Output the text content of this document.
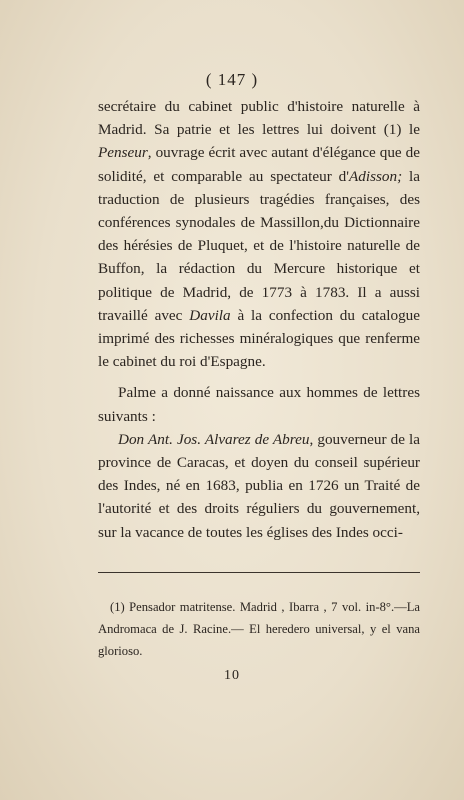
( 147 )

secrétaire du cabinet public d'histoire naturelle à Madrid. Sa patrie et les lettres lui doivent (1) le Penseur, ouvrage écrit avec autant d'élégance que de solidité, et comparable au spectateur d'Adisson; la traduction de plusieurs tragédies françaises, des conférences synodales de Massillon,du Dictionnaire des hérésies de Pluquet, et de l'histoire naturelle de Buffon, la rédaction du Mercure historique et politique de Madrid, de 1773 à 1783. Il a aussi travaillé avec Davila à la confection du catalogue imprimé des richesses minéralogiques que renferme le cabinet du roi d'Espagne.

Palme a donné naissance aux hommes de lettres suivants :

Don Ant. Jos. Alvarez de Abreu, gouverneur de la province de Caracas, et doyen du conseil supérieur des Indes, né en 1683, publia en 1726 un Traité de l'autorité et des droits réguliers du gouvernement, sur la vacance de toutes les églises des Indes occi-

(1) Pensador matritense. Madrid , Ibarra , 7 vol. in-8°.—La Andromaca de J. Racine.— El heredero universal, y el vana glorioso.

10
